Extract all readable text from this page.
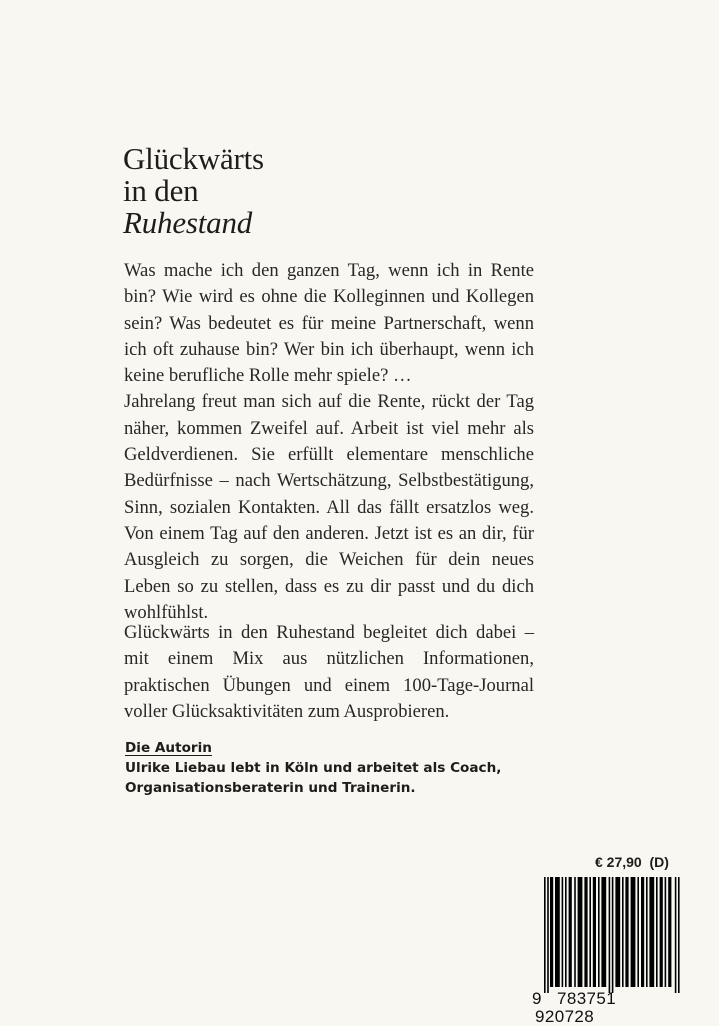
Glückwärts
in den
Ruhestand

Was mache ich den ganzen Tag, wenn ich in Rente bin? Wie wird es ohne die Kolleginnen und Kollegen sein? Was bedeutet es für meine Partnerschaft, wenn ich oft zuhause bin? Wer bin ich überhaupt, wenn ich keine berufliche Rolle mehr spiele? …

Jahrelang freut man sich auf die Rente, rückt der Tag näher, kommen Zweifel auf. Arbeit ist viel mehr als Geldverdienen. Sie erfüllt elementare menschliche Bedürfnisse – nach Wertschätzung, Selbstbestätigung, Sinn, sozialen Kontakten. All das fällt ersatzlos weg. Von einem Tag auf den anderen. Jetzt ist es an dir, für Ausgleich zu sorgen, die Weichen für dein neues Leben so zu stellen, dass es zu dir passt und du dich wohlfühlst.

Glückwärts in den Ruhestand begleitet dich dabei – mit einem Mix aus nützlichen Informationen, praktischen Übungen und einem 100-Tage-Journal voller Glücksaktivitäten zum Ausprobieren.

Die Autorin
Ulrike Liebau lebt in Köln und arbeitet als Coach,
Organisationsberaterin und Trainerin.
€ 27,90  (D)
9 783751 920728
